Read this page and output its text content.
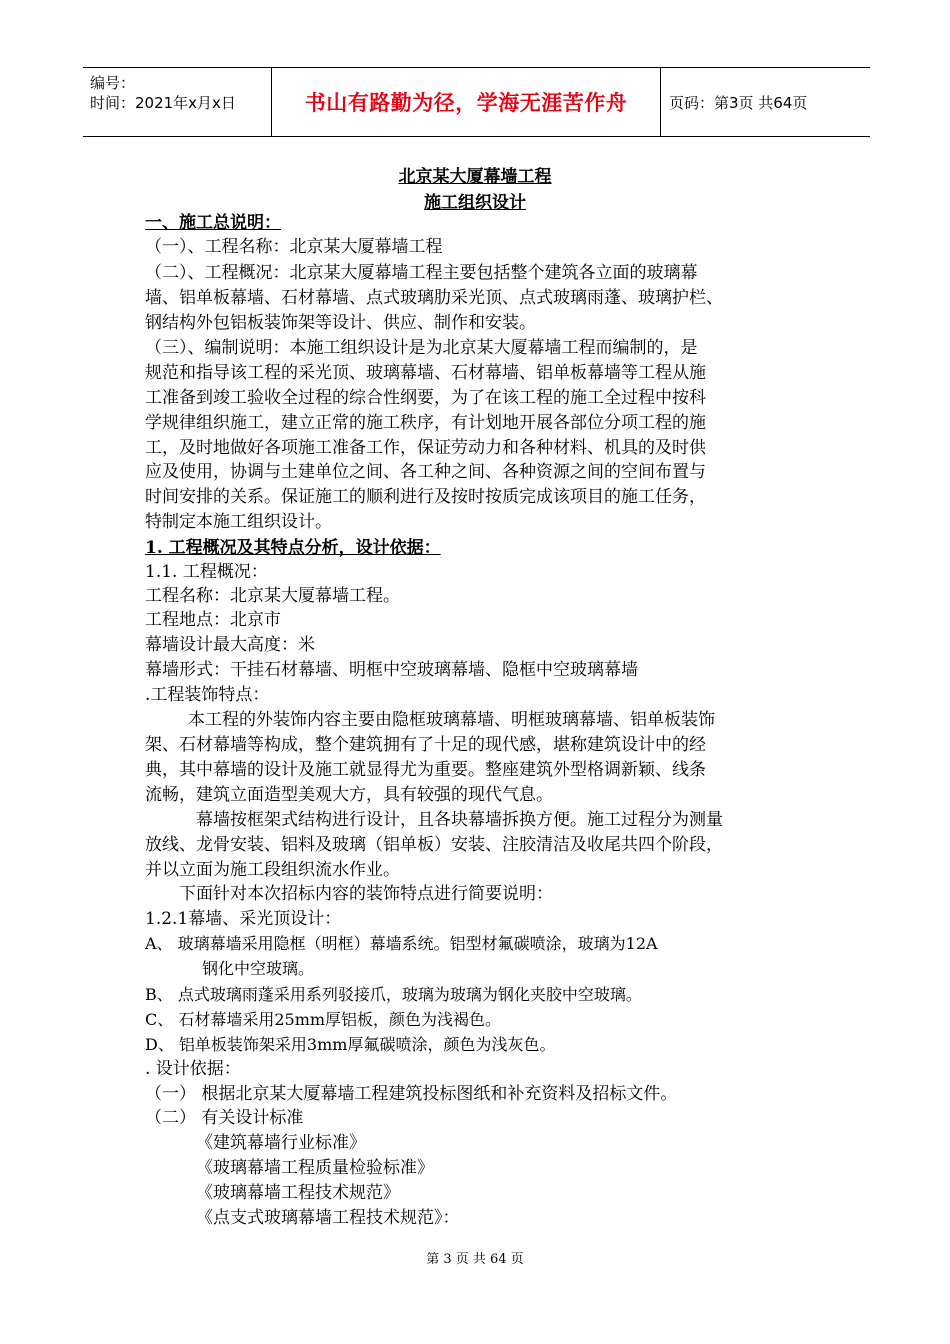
编号：
时间：2021年x月x日	书山有路勤为径，学海无涯苦作舟	页码：第3页 共64页
北京某大厦幕墙工程
施工组织设计
一、施工总说明：
（一）、工程名称：北京某大厦幕墙工程
（二）、工程概况：北京某大厦幕墙工程主要包括整个建筑各立面的玻璃幕
墙、铝单板幕墙、石材幕墙、点式玻璃肋采光顶、点式玻璃雨蓬、玻璃护栏、
钢结构外包铝板装饰架等设计、供应、制作和安装。
（三）、编制说明：本施工组织设计是为北京某大厦幕墙工程而编制的，是
规范和指导该工程的采光顶、玻璃幕墙、石材幕墙、铝单板幕墙等工程从施
工准备到竣工验收全过程的综合性纲要，为了在该工程的施工全过程中按科
学规律组织施工，建立正常的施工秩序，有计划地开展各部位分项工程的施
工，及时地做好各项施工准备工作，保证劳动力和各种材料、机具的及时供
应及使用，协调与土建单位之间、各工种之间、各种资源之间的空间布置与
时间安排的关系。保证施工的顺利进行及按时按质完成该项目的施工任务，
特制定本施工组织设计。
1. 工程概况及其特点分析，设计依据：
1.1. 工程概况：
工程名称：北京某大厦幕墙工程。
工程地点：北京市
幕墙设计最大高度：米
幕墙形式：干挂石材幕墙、明框中空玻璃幕墙、隐框中空玻璃幕墙
.工程装饰特点：
本工程的外装饰内容主要由隐框玻璃幕墙、明框玻璃幕墙、铝单板装饰
架、石材幕墙等构成，整个建筑拥有了十足的现代感，堪称建筑设计中的经
典，其中幕墙的设计及施工就显得尤为重要。整座建筑外型格调新颖、线条
流畅，建筑立面造型美观大方，具有较强的现代气息。
幕墙按框架式结构进行设计，且各块幕墙拆换方便。施工过程分为测量
放线、龙骨安装、铝料及玻璃（铝单板）安装、注胶清洁及收尾共四个阶段，
并以立面为施工段组织流水作业。
下面针对本次招标内容的装饰特点进行简要说明：
1.2.1幕墙、采光顶设计：
A、 玻璃幕墙采用隐框（明框）幕墙系统。铝型材氟碳喷涂，玻璃为12A
钢化中空玻璃。
B、 点式玻璃雨蓬采用系列驳接爪，玻璃为玻璃为钢化夹胶中空玻璃。
C、 石材幕墙采用25mm厚铝板，颜色为浅褐色。
D、 铝单板装饰架采用3mm厚氟碳喷涂，颜色为浅灰色。
. 设计依据：
（一） 根据北京某大厦幕墙工程建筑投标图纸和补充资料及招标文件。
（二） 有关设计标准
《建筑幕墙行业标准》
《玻璃幕墙工程质量检验标准》
《玻璃幕墙工程技术规范》
《点支式玻璃幕墙工程技术规范》：
第 3 页 共 64 页
